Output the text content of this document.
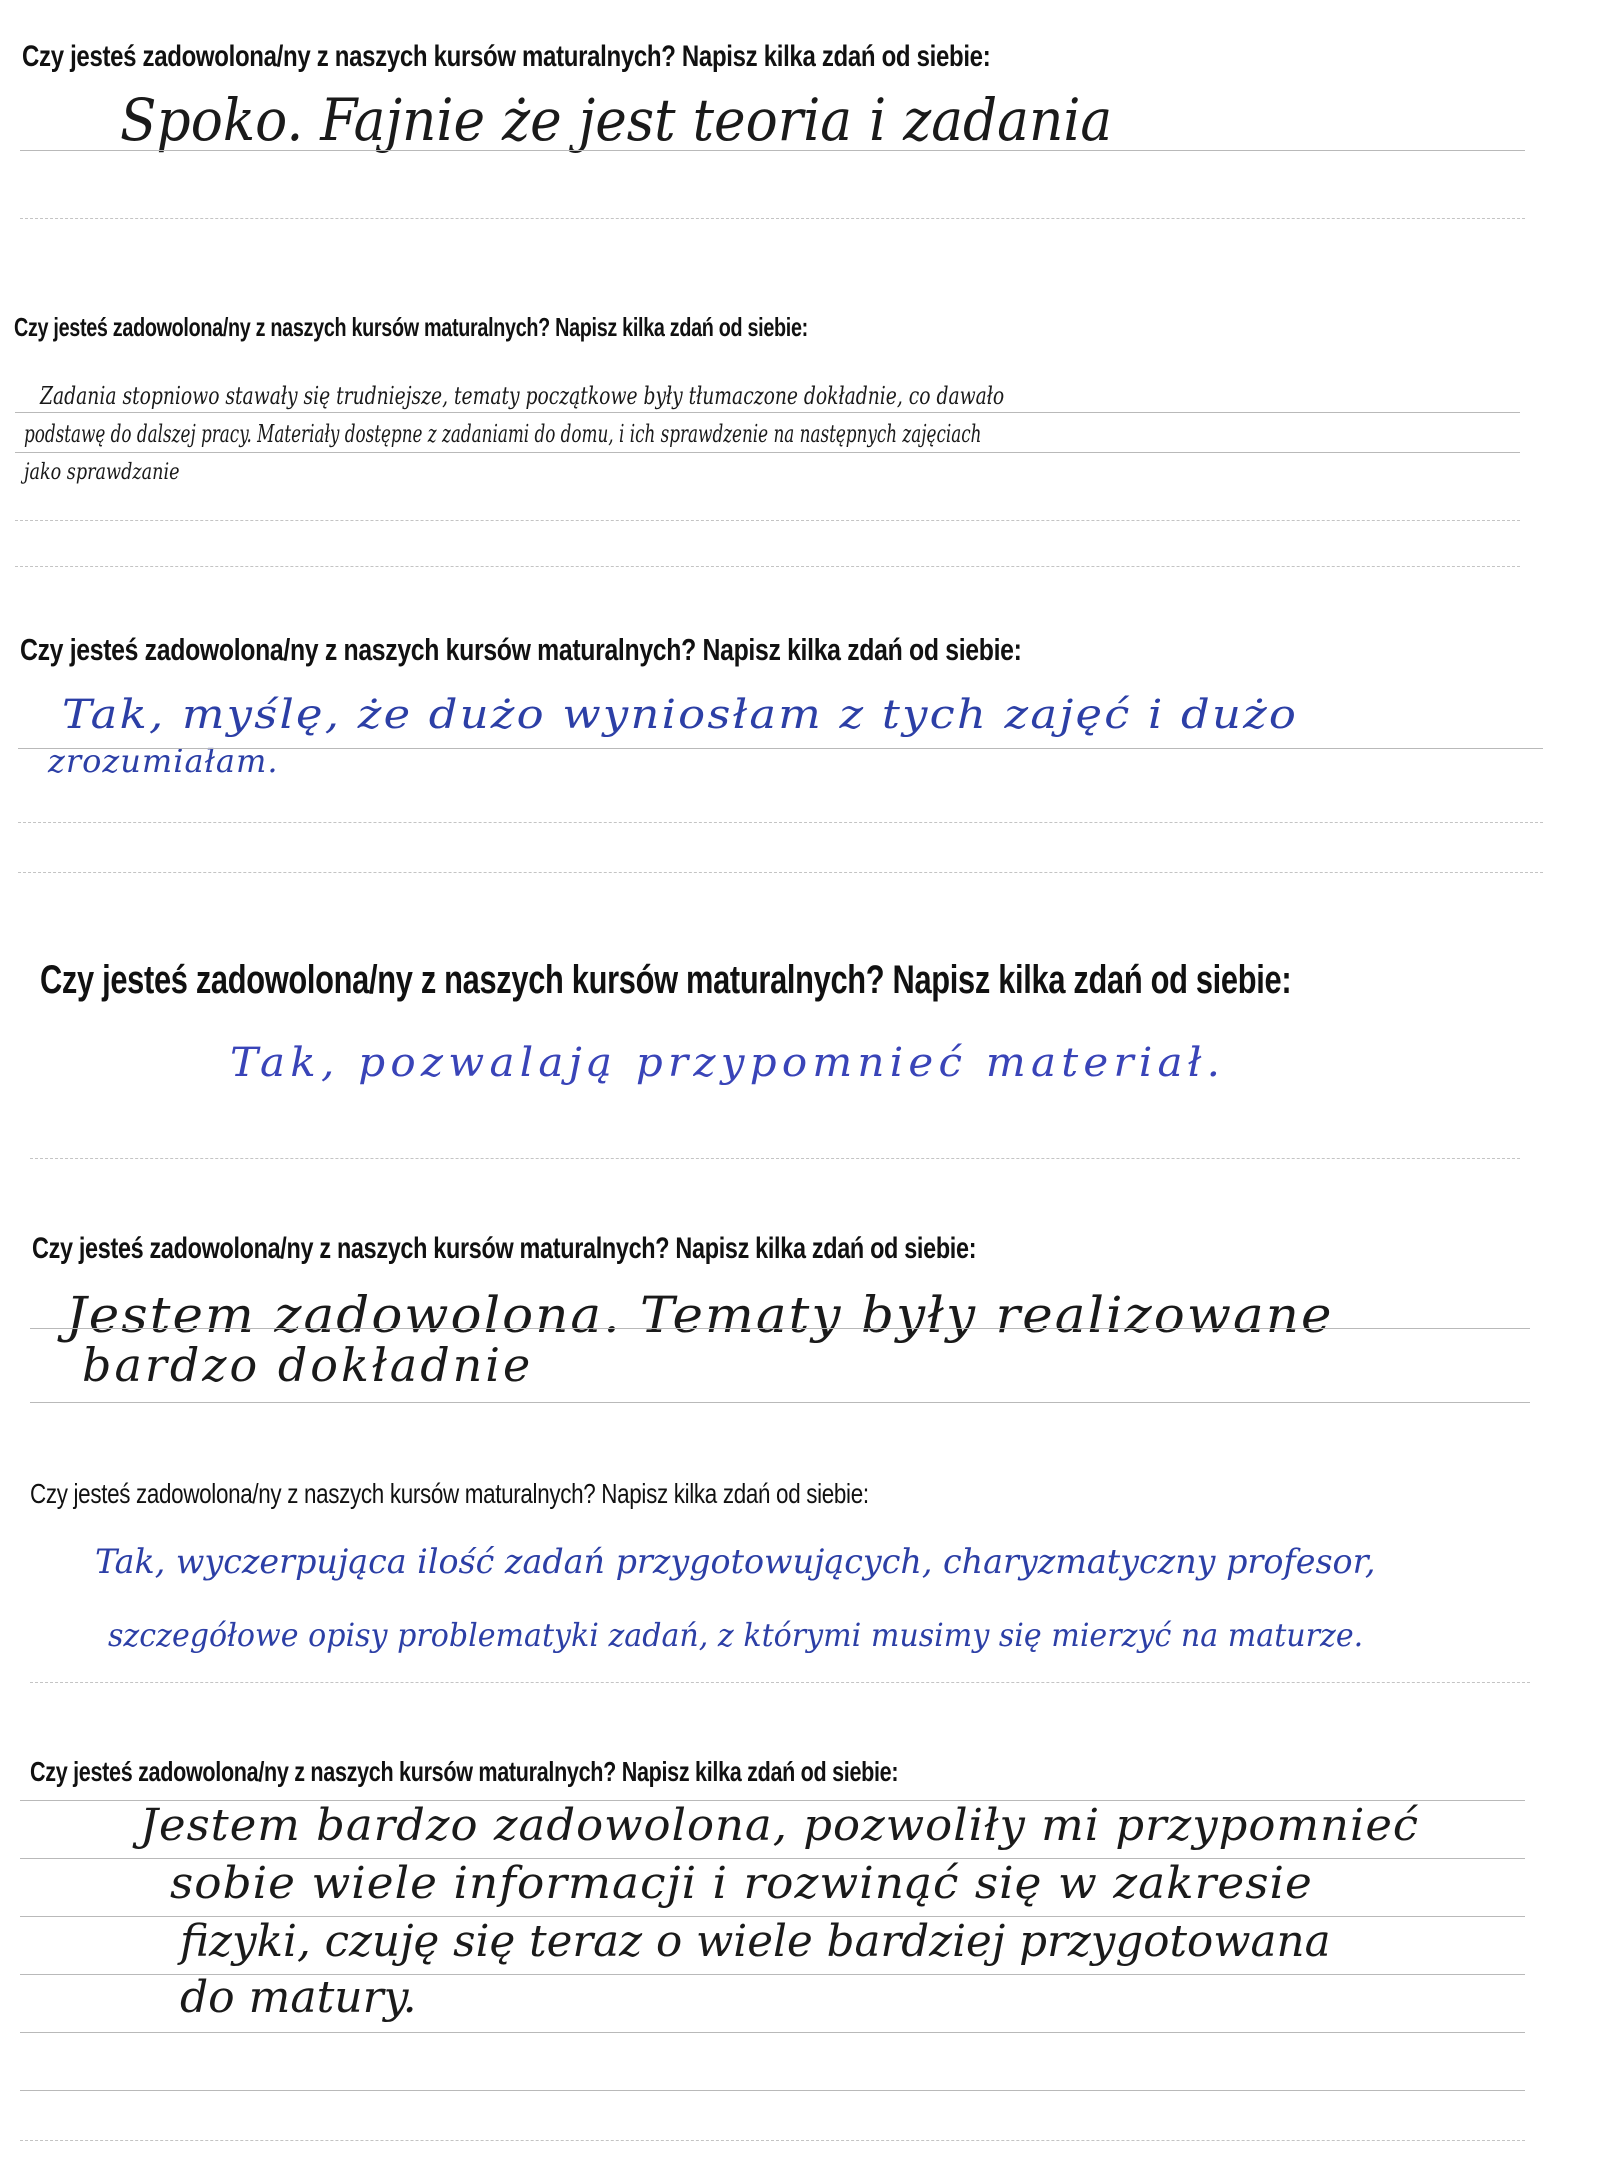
Czy jesteś zadowolona/ny z naszych kursów maturalnych? Napisz kilka zdań od siebie:
Spoko. Fajnie że jest teoria i zadania
Czy jesteś zadowolona/ny z naszych kursów maturalnych? Napisz kilka zdań od siebie:
Zadania stopniowo stawały się trudniejsze, tematy początkowe były tłumaczone dokładnie, co dawało
podstawę do dalszej pracy. Materiały dostępne z zadaniami do domu, i ich sprawdzenie na następnych zajęciach
jako sprawdzanie
Czy jesteś zadowolona/ny z naszych kursów maturalnych? Napisz kilka zdań od siebie:
Tak, myślę, że dużo wyniosłam z tych zajęć i dużo
zrozumiałam.
Czy jesteś zadowolona/ny z naszych kursów maturalnych? Napisz kilka zdań od siebie:
Tak, pozwalają przypomnieć materiał.
Czy jesteś zadowolona/ny z naszych kursów maturalnych? Napisz kilka zdań od siebie:
Jestem zadowolona. Tematy były realizowane
bardzo dokładnie
Czy jesteś zadowolona/ny z naszych kursów maturalnych? Napisz kilka zdań od siebie:
Tak, wyczerpująca ilość zadań przygotowujących, charyzmatyczny profesor,
szczegółowe opisy problematyki zadań, z którymi musimy się mierzyć na maturze.
Czy jesteś zadowolona/ny z naszych kursów maturalnych? Napisz kilka zdań od siebie:
Jestem bardzo zadowolona, pozwoliły mi przypomnieć
sobie wiele informacji i rozwinąć się w zakresie
fizyki, czuję się teraz o wiele bardziej przygotowana
do matury.
